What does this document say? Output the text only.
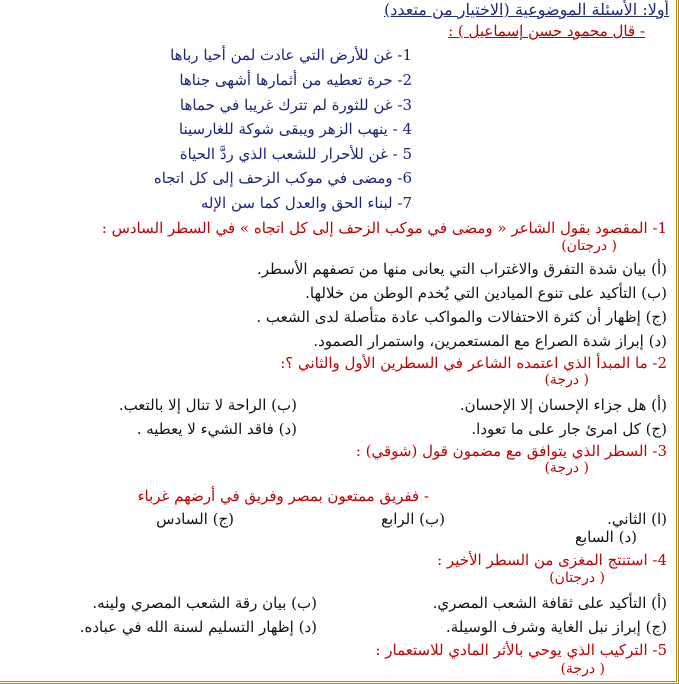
أولا: الأسئلة الموضوعية (الاختيار من متعدد)
- قال محمود حسن إسماعيل ) :
1- غن للأرض التي عادت لمن أحيا رباها
2- حرة تعطيه من أثمارها أشهى جناها
3- غن للثورة لم تترك غريبا في حماها
4 - ينهب الزهر ويبقى شوكة للغارسينا
5 - غن للأحرار للشعب الذي ردَّ الحياة
6- ومضى في موكب الزحف إلى كل اتجاه
7- لبناء الحق والعدل كما سن الإله
1- المقصود بقول الشاعر « ومضى في موكب الزحف إلى كل اتجاه » في السطر السادس :
( درجتان)
(أ) بيان شدة التفرق والاغتراب التي يعانى منها من تصفهم الأسطر.
(ب) التأكيد على تنوع الميادين التي يُخدم الوطن من خلالها.
(ج) إظهار أن كثرة الاحتفالات والمواكب عادة متأصلة لدى الشعب .
(د) إبراز شدة الصراع مع المستعمرين، واستمرار الصمود.
2- ما المبدأ الذي اعتمده الشاعر في السطرين الأول والثاني ؟:
( درجة)
(أ) هل جزاء الإحسان إلا الإحسان.
(ب) الراحة لا تنال إلا بالتعب.
(ج) كل امرئ جار على ما تعودا.
(د) فاقد الشيء لا يعطيه .
3- السطر الذي يتوافق مع مضمون قول (شوقي) :
( درجة)
- ففريق ممتعون بمصر وفريق في أرضهم غرباء
(ا) الثاني.
(ب) الرابع
(ج) السادس
(د) السابع
4- استنتج المغزى من السطر الأخير :
( درجتان)
(أ) التأكيد على ثقافة الشعب المصري.
(ب) بيان رقة الشعب المصري ولينه.
(ج) إبراز نبل الغاية وشرف الوسيلة.
(د) إظهار التسليم لسنة الله في عباده.
5- التركيب الذي يوحي بالأثر المادي للاستعمار :
( درجة)
